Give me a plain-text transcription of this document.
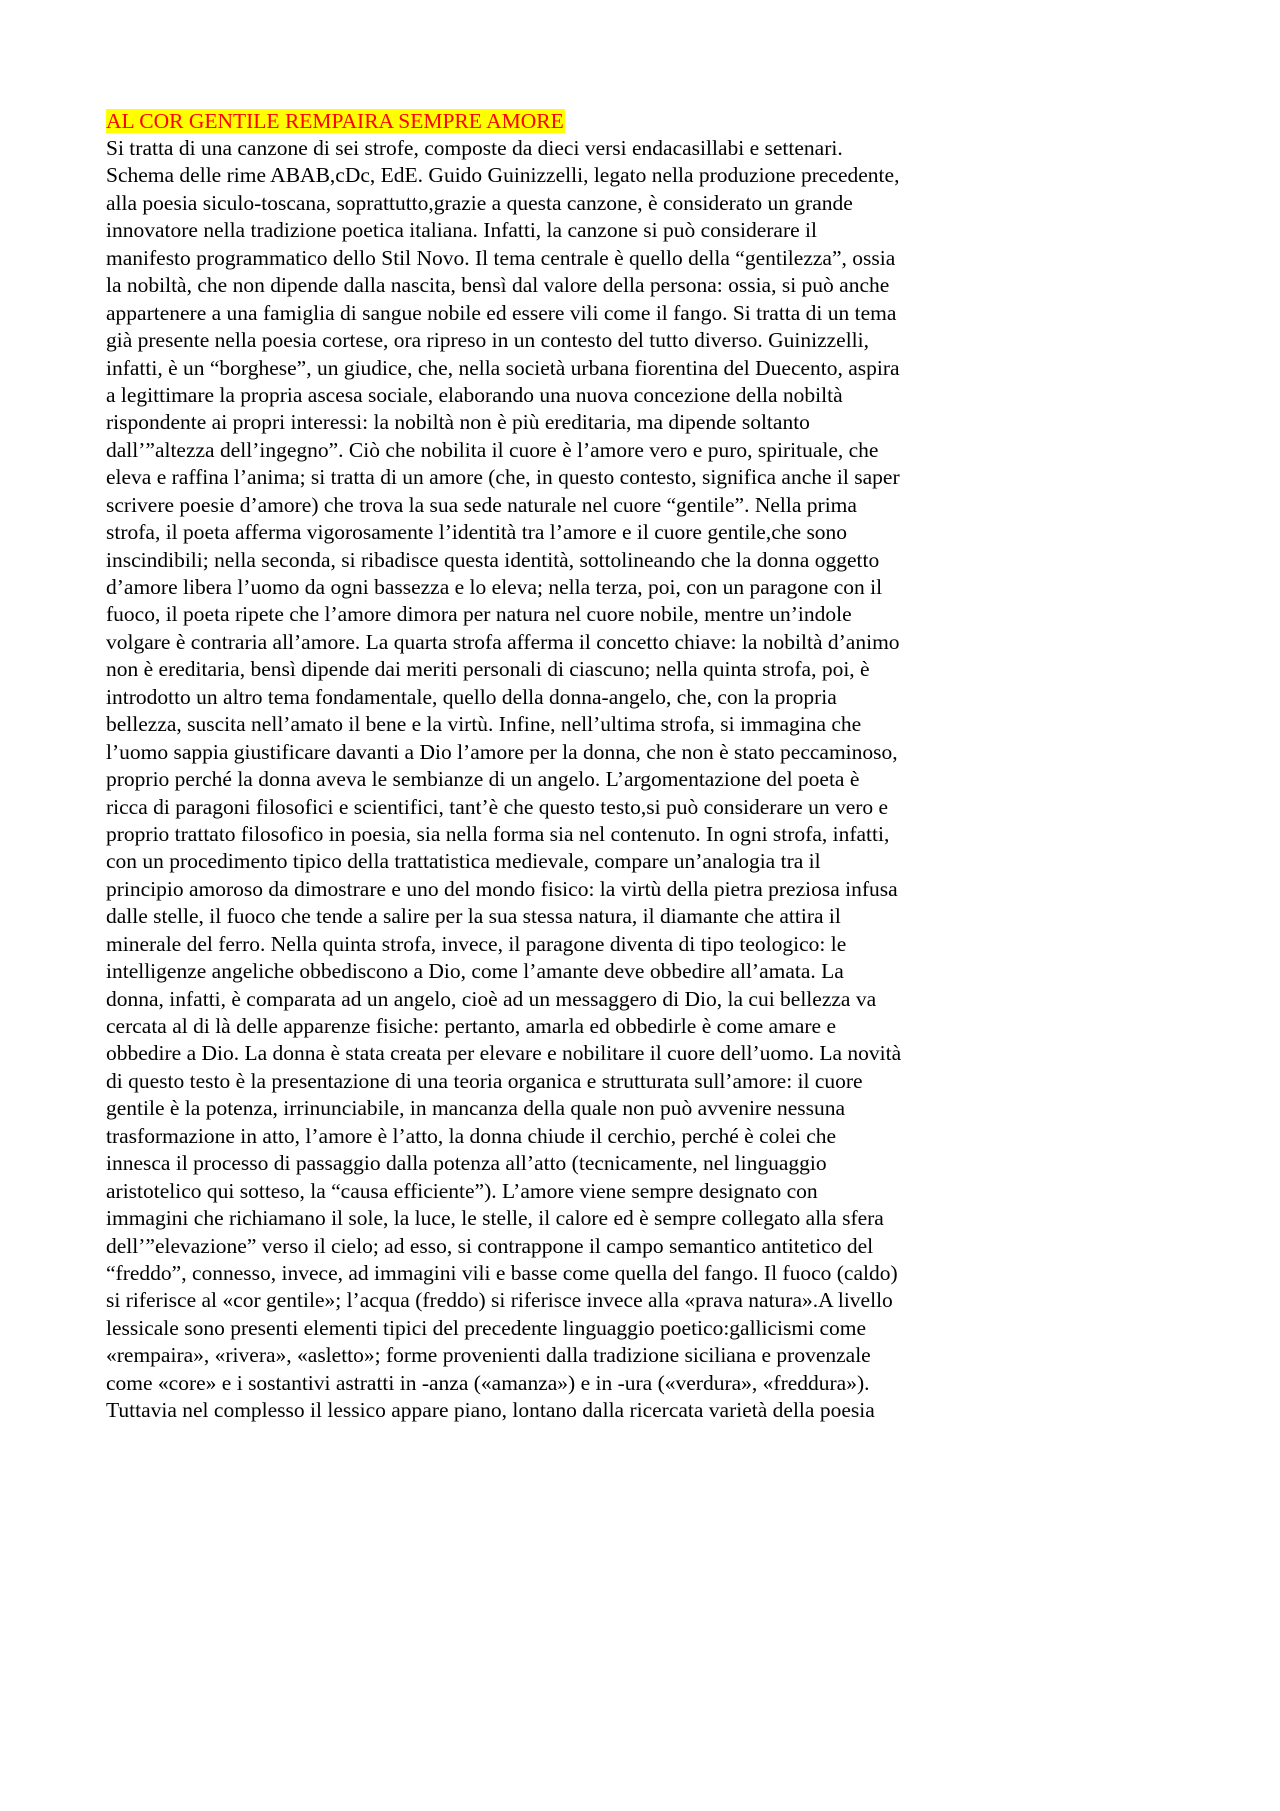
AL COR GENTILE REMPAIRA SEMPRE AMORE
Si tratta di una canzone di sei strofe, composte da dieci versi endacasillabi e settenari.
Schema delle rime ABAB,cDc, EdE. Guido Guinizzelli, legato nella produzione precedente,
alla poesia siculo-toscana, soprattutto,grazie a questa canzone, è considerato un grande
innovatore nella tradizione poetica italiana. Infatti, la canzone si può considerare il
manifesto programmatico dello Stil Novo. Il tema centrale è quello della “gentilezza”, ossia
la nobiltà, che non dipende dalla nascita, bensì dal valore della persona: ossia, si può anche
appartenere a una famiglia di sangue nobile ed essere vili come il fango. Si tratta di un tema
già presente nella poesia cortese, ora ripreso in un contesto del tutto diverso. Guinizzelli,
infatti, è un “borghese”, un giudice, che, nella società urbana fiorentina del Duecento, aspira
a legittimare la propria ascesa sociale, elaborando una nuova concezione della nobiltà
rispondente ai propri interessi: la nobiltà non è più ereditaria, ma dipende soltanto
dall’”altezza dell’ingegno”. Ciò che nobilita il cuore è l’amore vero e puro, spirituale, che
eleva e raffina l’anima; si tratta di un amore (che, in questo contesto, significa anche il saper
scrivere poesie d’amore) che trova la sua sede naturale nel cuore “gentile”. Nella prima
strofa, il poeta afferma vigorosamente l’identità tra l’amore e il cuore gentile,che sono
inscindibili; nella seconda, si ribadisce questa identità, sottolineando che la donna oggetto
d’amore libera l’uomo da ogni bassezza e lo eleva; nella terza, poi, con un paragone con il
fuoco, il poeta ripete che l’amore dimora per natura nel cuore nobile, mentre un’indole
volgare è contraria all’amore. La quarta strofa afferma il concetto chiave: la nobiltà d’animo
non è ereditaria, bensì dipende dai meriti personali di ciascuno; nella quinta strofa, poi, è
introdotto un altro tema fondamentale, quello della donna-angelo, che, con la propria
bellezza, suscita nell’amato il bene e la virtù. Infine, nell’ultima strofa, si immagina che
l’uomo sappia giustificare davanti a Dio l’amore per la donna, che non è stato peccaminoso,
proprio perché la donna aveva le sembianze di un angelo. L’argomentazione del poeta è
ricca di paragoni filosofici e scientifici, tant’è che questo testo,si può considerare un vero e
proprio trattato filosofico in poesia, sia nella forma sia nel contenuto. In ogni strofa, infatti,
con un procedimento tipico della trattatistica medievale, compare un’analogia tra il
principio amoroso da dimostrare e uno del mondo fisico: la virtù della pietra preziosa infusa
dalle stelle, il fuoco che tende a salire per la sua stessa natura, il diamante che attira il
minerale del ferro. Nella quinta strofa, invece, il paragone diventa di tipo teologico: le
intelligenze angeliche obbediscono a Dio, come l’amante deve obbedire all’amata. La
donna, infatti, è comparata ad un angelo, cioè ad un messaggero di Dio, la cui bellezza va
cercata al di là delle apparenze fisiche: pertanto, amarla ed obbedirle è come amare e
obbedire a Dio. La donna è stata creata per elevare e nobilitare il cuore dell’uomo. La novità
di questo testo è la presentazione di una teoria organica e strutturata sull’amore: il cuore
gentile è la potenza, irrinunciabile, in mancanza della quale non può avvenire nessuna
trasformazione in atto, l’amore è l’atto, la donna chiude il cerchio, perché è colei che
innesca il processo di passaggio dalla potenza all’atto (tecnicamente, nel linguaggio
aristotelico qui sotteso, la “causa efficiente”). L’amore viene sempre designato con
immagini che richiamano il sole, la luce, le stelle, il calore ed è sempre collegato alla sfera
dell’”elevazione” verso il cielo; ad esso, si contrappone il campo semantico antitetico del
“freddo”, connesso, invece, ad immagini vili e basse come quella del fango. Il fuoco (caldo)
si riferisce al «cor gentile»; l’acqua (freddo) si riferisce invece alla «prava natura».A livello
lessicale sono presenti elementi tipici del precedente linguaggio poetico:gallicismi come
«rempaira», «rivera», «asletto»; forme provenienti dalla tradizione siciliana e provenzale
come «core» e i sostantivi astratti in -anza («amanza») e in -ura («verdura», «freddura»).
Tuttavia nel complesso il lessico appare piano, lontano dalla ricercata varietà della poesia
